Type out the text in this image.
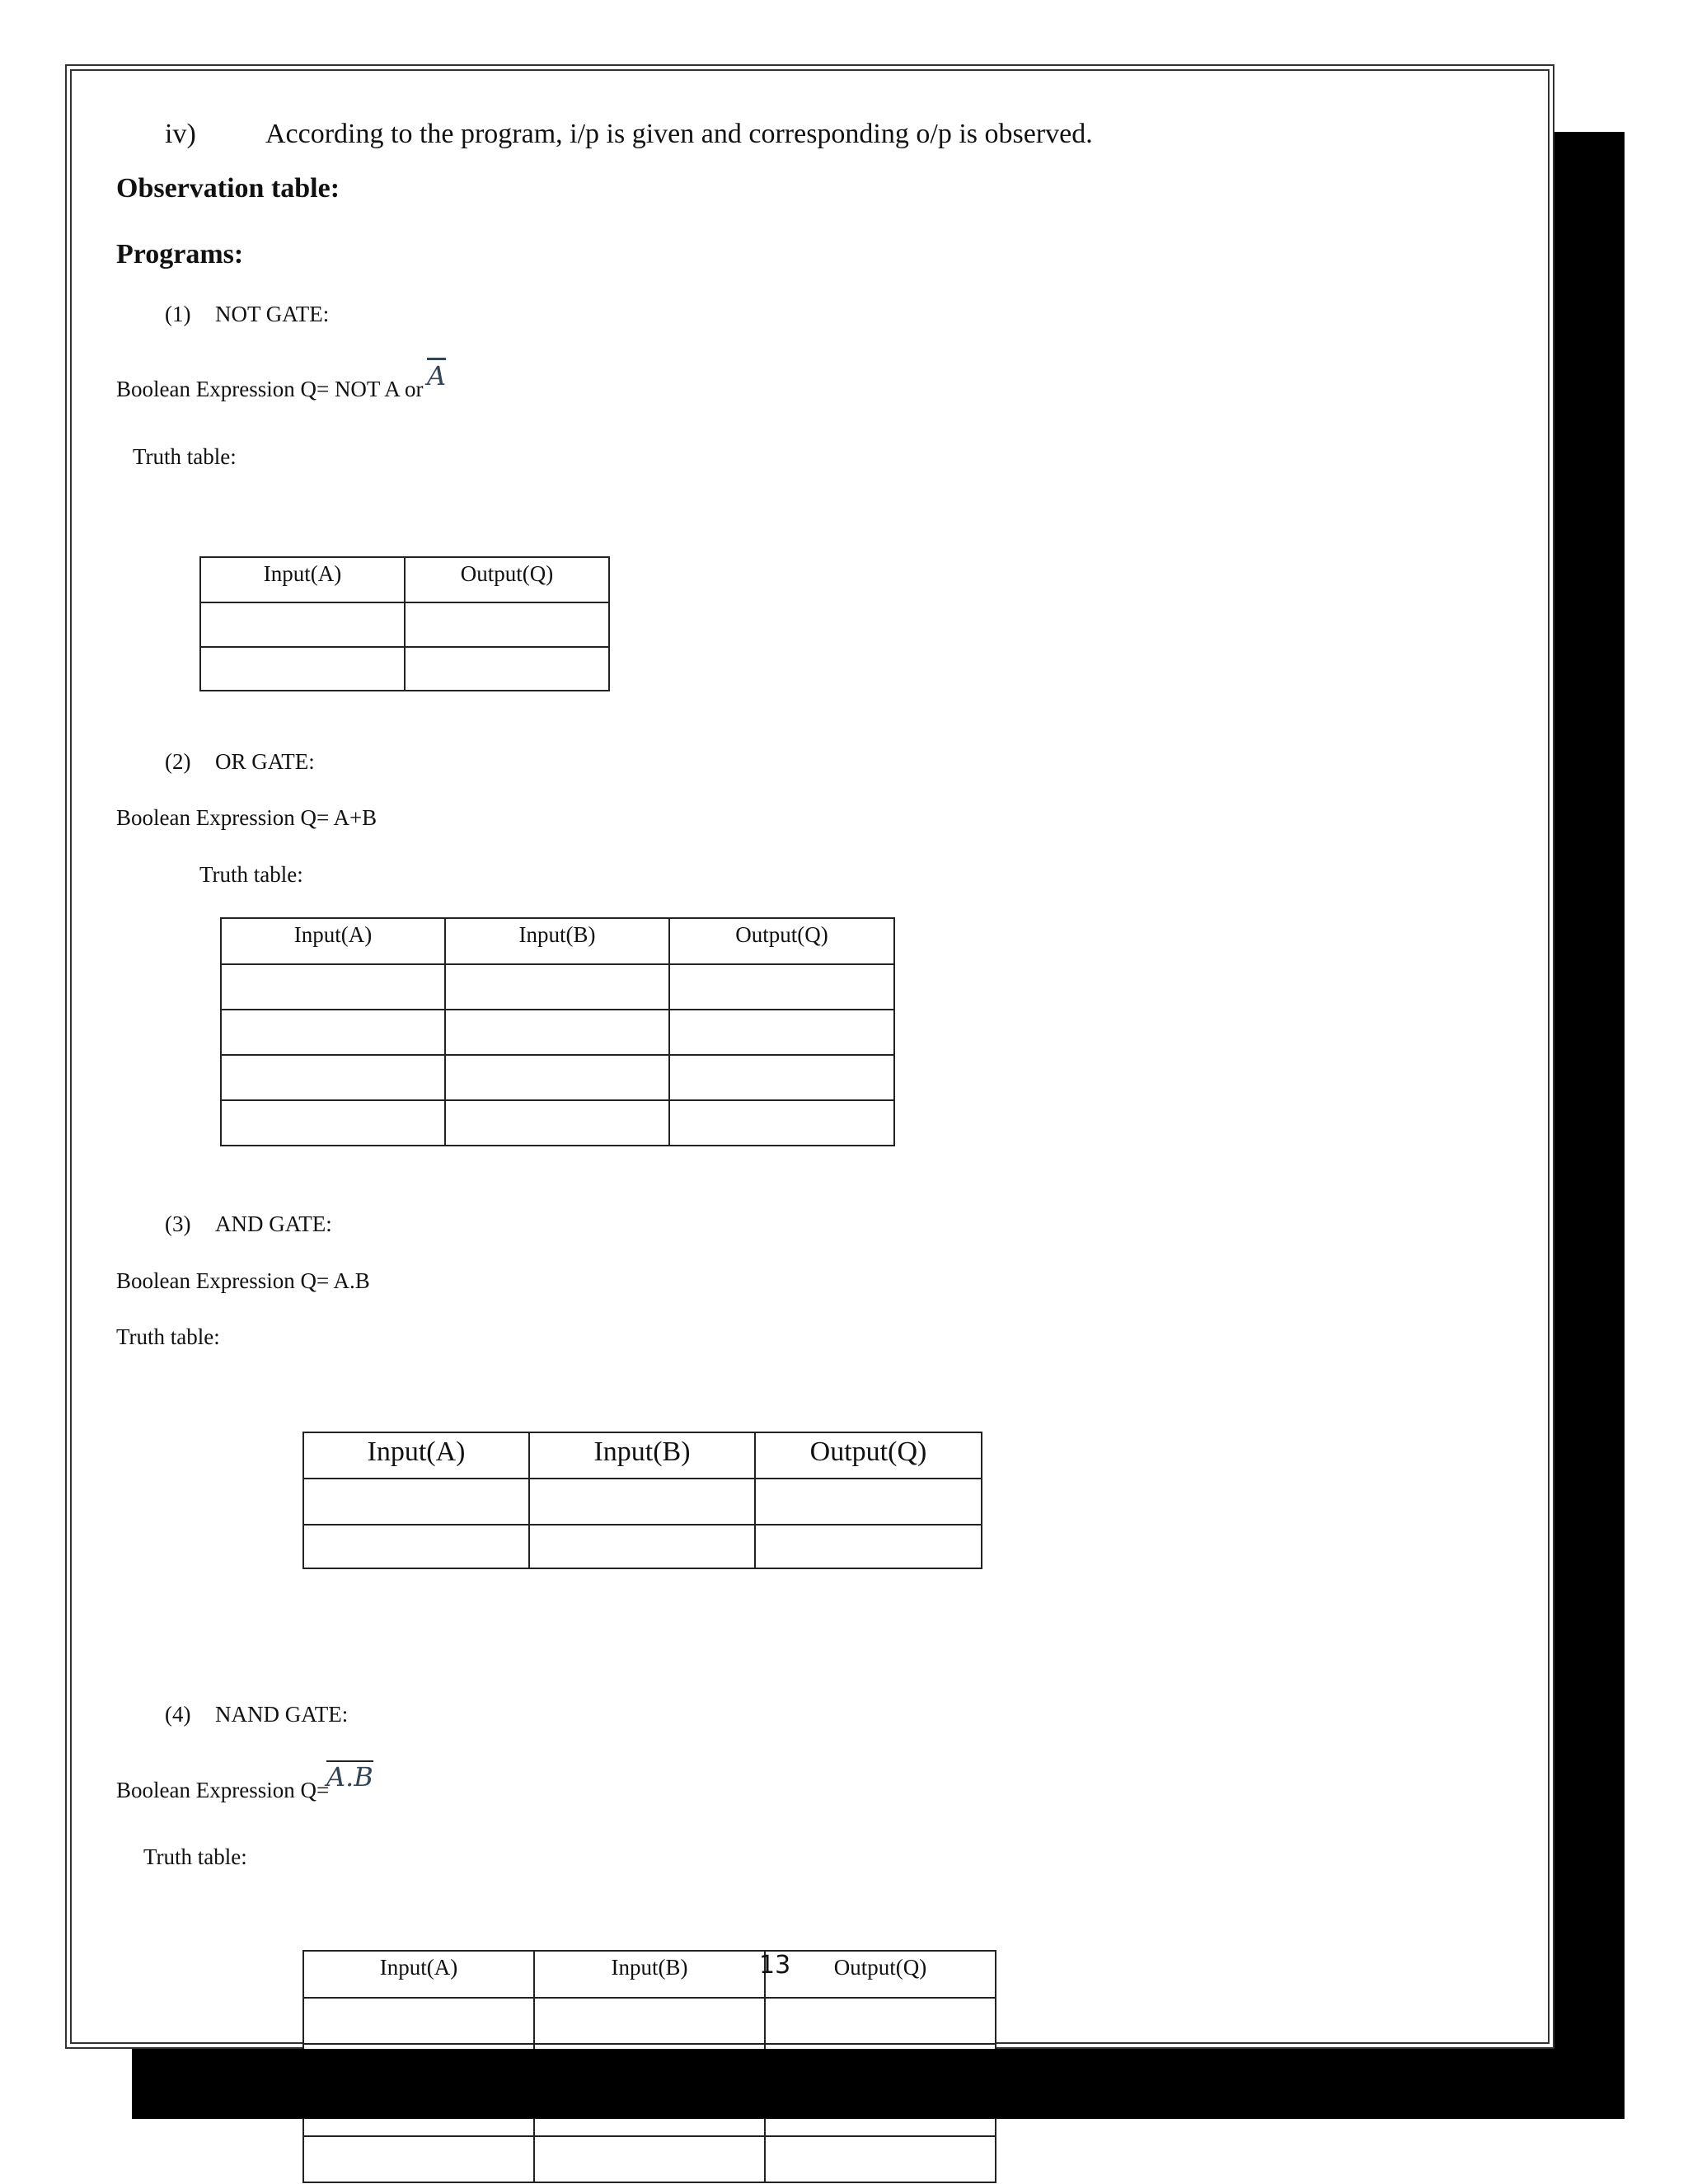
iv) According to the program, i/p is given and corresponding o/p is observed.
Observation table:
Programs:
(1) NOT GATE:
Boolean Expression Q= NOT A or $\overline{A}$
Truth table:
Input(A)	Output(Q)

(2) OR GATE:
Boolean Expression Q= A+B
Truth table:
Input(A)	Input(B)	Output(Q)

(3) AND GATE:
Boolean Expression Q= A.B
Truth table:
Input(A)	Input(B)	Output(Q)

(4) NAND GATE:
Boolean Expression Q=
A.B
Truth table:
Input(A)	Input(B)	Output(Q)

13
